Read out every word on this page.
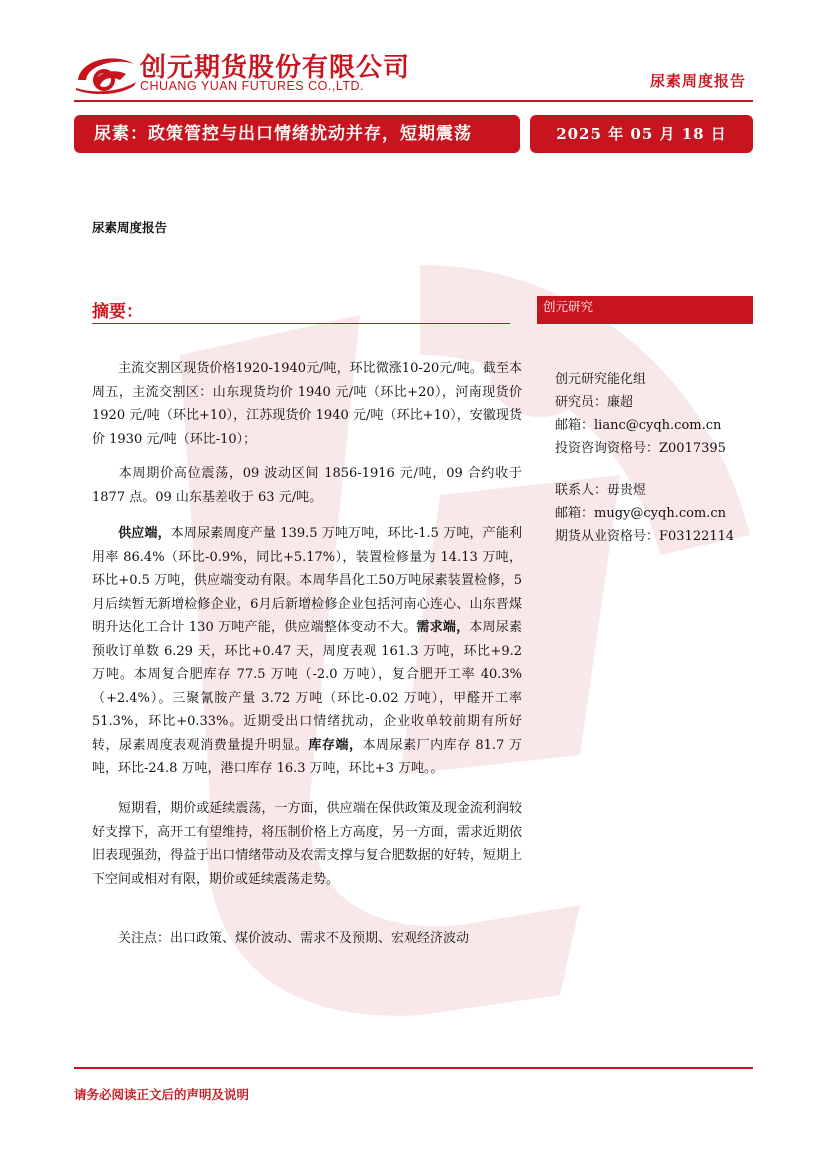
创元期货股份有限公司
CHUANG YUAN FUTURES CO.,LTD.	尿素周度报告
尿素：政策管控与出口情绪扰动并存，短期震荡	2025 年 05 月 18 日
尿素周度报告
摘要：	创元研究
创元研究能化组
研究员：廉超
邮箱：lianc@cyqh.com.cn
投资咨询资格号：Z0017395
联系人：毋贵煜
邮箱：mugy@cyqh.com.cn
期货从业资格号：F03122114

主流交割区现货价格1920-1940元/吨，环比微涨10-20元/吨。截至本周五，主流交割区：山东现货均价 1940 元/吨（环比+20），河南现货价 1920 元/吨（环比+10），江苏现货价 1940 元/吨（环比+10），安徽现货价 1930 元/吨（环比-10）；

本周期价高位震荡，09 波动区间 1856-1916 元/吨，09 合约收于 1877 点。09 山东基差收于 63 元/吨。

供应端，本周尿素周度产量 139.5 万吨万吨，环比-1.5 万吨，产能利用率 86.4%（环比-0.9%，同比+5.17%），装置检修量为 14.13 万吨，环比+0.5 万吨，供应端变动有限。本周华昌化工50万吨尿素装置检修，5月后续暂无新增检修企业，6月后新增检修企业包括河南心连心、山东晋煤明升达化工合计 130 万吨产能，供应端整体变动不大。需求端，本周尿素预收订单数 6.29 天，环比+0.47 天，周度表观 161.3 万吨，环比+9.2 万吨。本周复合肥库存 77.5 万吨（-2.0 万吨），复合肥开工率 40.3%（+2.4%）。三聚氰胺产量 3.72 万吨（环比-0.02 万吨），甲醛开工率 51.3%，环比+0.33%。近期受出口情绪扰动，企业收单较前期有所好转，尿素周度表观消费量提升明显。库存端，本周尿素厂内库存 81.7 万吨，环比-24.8 万吨，港口库存 16.3 万吨，环比+3 万吨。。

短期看，期价或延续震荡，一方面，供应端在保供政策及现金流利润较好支撑下，高开工有望维持，将压制价格上方高度，另一方面，需求近期依旧表现强劲，得益于出口情绪带动及农需支撑与复合肥数据的好转，短期上下空间或相对有限，期价或延续震荡走势。

关注点：出口政策、煤价波动、需求不及预期、宏观经济波动

请务必阅读正文后的声明及说明
